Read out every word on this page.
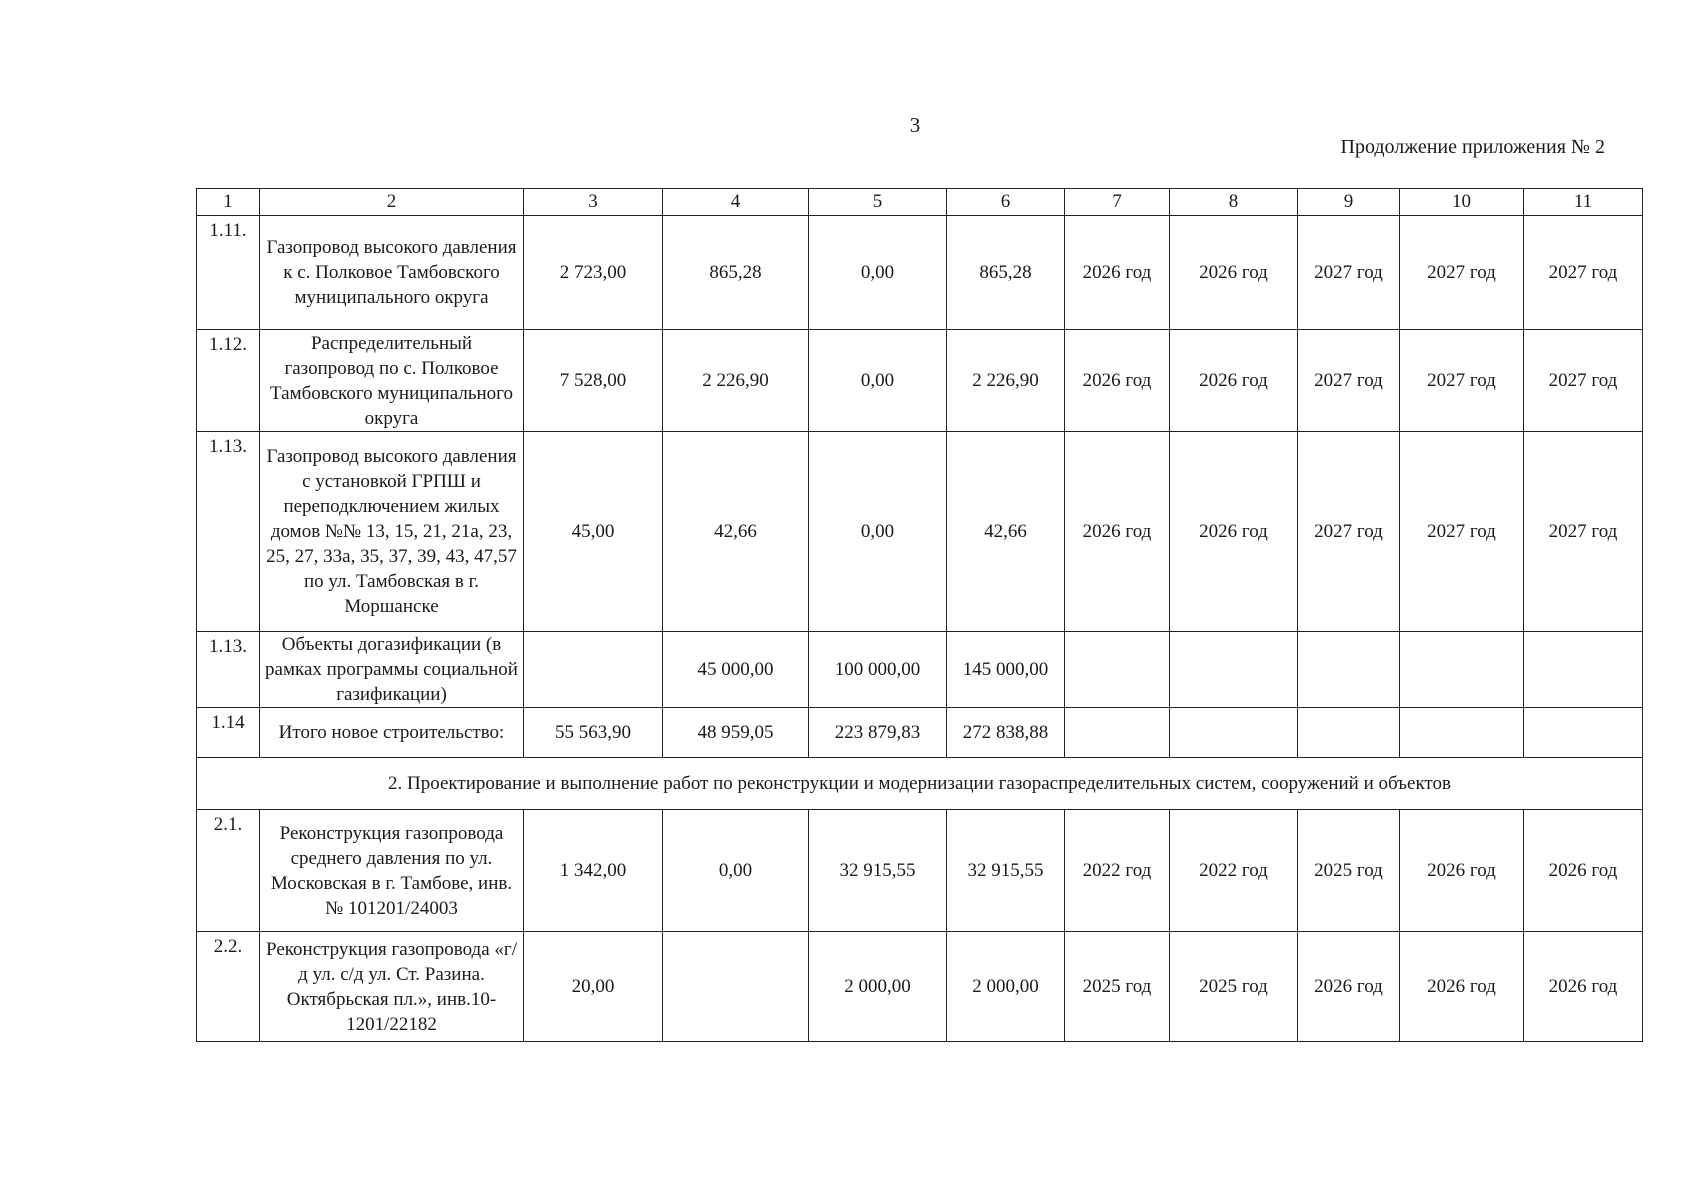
3
Продолжение приложения № 2
1	2	3	4	5	6	7	8	9	10	11
1.11.	Газопровод высокого давления к с. Полковое Тамбовского муниципального округа	2 723,00	865,28	0,00	865,28	2026 год	2026 год	2027 год	2027 год	2027 год
1.12.	Распределительный газопровод по с. Полковое Тамбовского муниципального округа	7 528,00	2 226,90	0,00	2 226,90	2026 год	2026 год	2027 год	2027 год	2027 год
1.13.	Газопровод высокого давления с установкой ГРПШ и переподключением жилых домов №№ 13, 15, 21, 21а, 23, 25, 27, 33а, 35, 37, 39, 43, 47,57 по ул. Тамбовская в г. Моршанске	45,00	42,66	0,00	42,66	2026 год	2026 год	2027 год	2027 год	2027 год
1.13.	Объекты догазификации (в рамках программы социальной газификации)		45 000,00	100 000,00	145 000,00					
1.14	Итого новое строительство:	55 563,90	48 959,05	223 879,83	272 838,88					
2. Проектирование и выполнение работ по реконструкции и модернизации газораспределительных систем, сооружений и объектов										
2.1.	Реконструкция газопровода среднего давления по ул. Московская в г. Тамбове, инв. № 101201/24003	1 342,00	0,00	32 915,55	32 915,55	2022 год	2022 год	2025 год	2026 год	2026 год
2.2.	Реконструкция газопровода «г/д ул. с/д ул. Ст. Разина. Октябрьская пл.», инв.10-1201/22182	20,00		2 000,00	2 000,00	2025 год	2025 год	2026 год	2026 год	2026 год
